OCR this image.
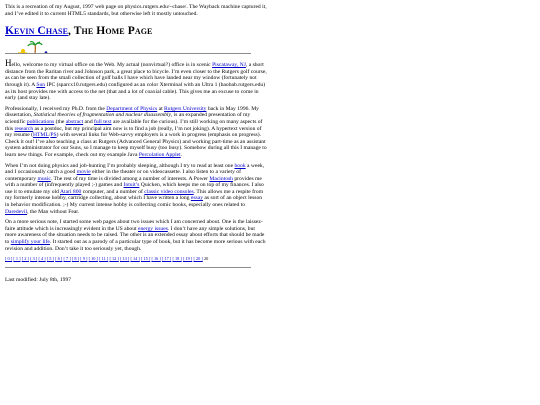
This is a recreation of my August, 1997 web page on physics.rutgers.edu/~chase/. The Wayback machine captured it, and I’ve edited it to current HTML5 standards, but otherwise left it mostly untouched.

Kevin Chase, The Home Page

Hello, welcome to my virtual office on the Web. My actual (nonvirtual?) office is in scenic Piscataway, NJ, a short distance from the Raritan river and Johnson park, a great place to bicycle. I’m even closer to the Rutgers golf course, as can be seen from the small collection of golf balls I have which have landed near my window (fortunately not through it). A Sun IPC (sparcx10.rutgers.edu) configured as an color Xterminal with an Ultra 1 (baobab.rutgers.edu) as its host provides me with access to the net (that and a lot of coaxial cable). This gives me an excuse to come in early (and stay late).

Professionally, I received my Ph.D. from the Department of Physics at Rutgers University back in May 1996. My dissertation, Statistical theories of fragmentation and nuclear disassembly, is an expanded presentation of my scientific publications (the abstract and full text are available for the curious). I’m still working on many aspects of this research as a postdoc, but my principal aim now is to find a job (really, I’m not joking). A hypertext version of my resume (HTML/PS) with several links for Web-savvy employers is a work in progress (emphasis on progress). Check it out! I’ve also teaching a class at Rutgers (Advanced General Physics) and working part-time as an assistant system administrator for our Suns, so I manage to keep myself busy (too busy). Somehow during all this I manage to learn new things. For example, check out my example Java Percolation Applet.

When I’m not doing physics and job-hunting I’m probably sleeping, although I try to read at least one book a week, and I occasionally catch a good movie either in the theater or on videocassette. I also listen to a variety of contemporary music. The rest of my time is divided among a number of interests. A Power Macintosh provides me with a number of (infrequently played ;-) games and Intuit’s Quicken, which keeps me on top of my finances. I also use it to emulate my old Atari 800 computer, and a number of classic video consoles. This allows me a respite from my formerly intense hobby, cartridge collecting, about which I have written a long essay as sort of an object lesson in behavior modification. ;-) My current intense hobby is collecting comic books, especially ones related to Daredevil, the Man without Fear.

On a more serious note, I started some web pages about two issues which I am concerned about. One is the laissez-faire attitude which is increasingly evident in the US about energy issues. I don’t have any simple solutions, but more awareness of the situation needs to be raised. The other is an extended essay about efforts that should be made to simplify your life. It started out as a parody of a particular type of book, but it has become more serious with each revision and addition. Don’t take it too seriously yet, though.

[ 0 ][ 1 ][ 2 ][ 3 ][ 4 ][ 5 ][ 6 ][ 7 ][ 8 ][ 9 ][ 10 ][ 11 ][ 12 ][ 13 ][ 14 ][ 15 ][ 16 ][ 17 ][ 18 ][ 19 ][ 20 ]20

Last modified: July 8th, 1997
